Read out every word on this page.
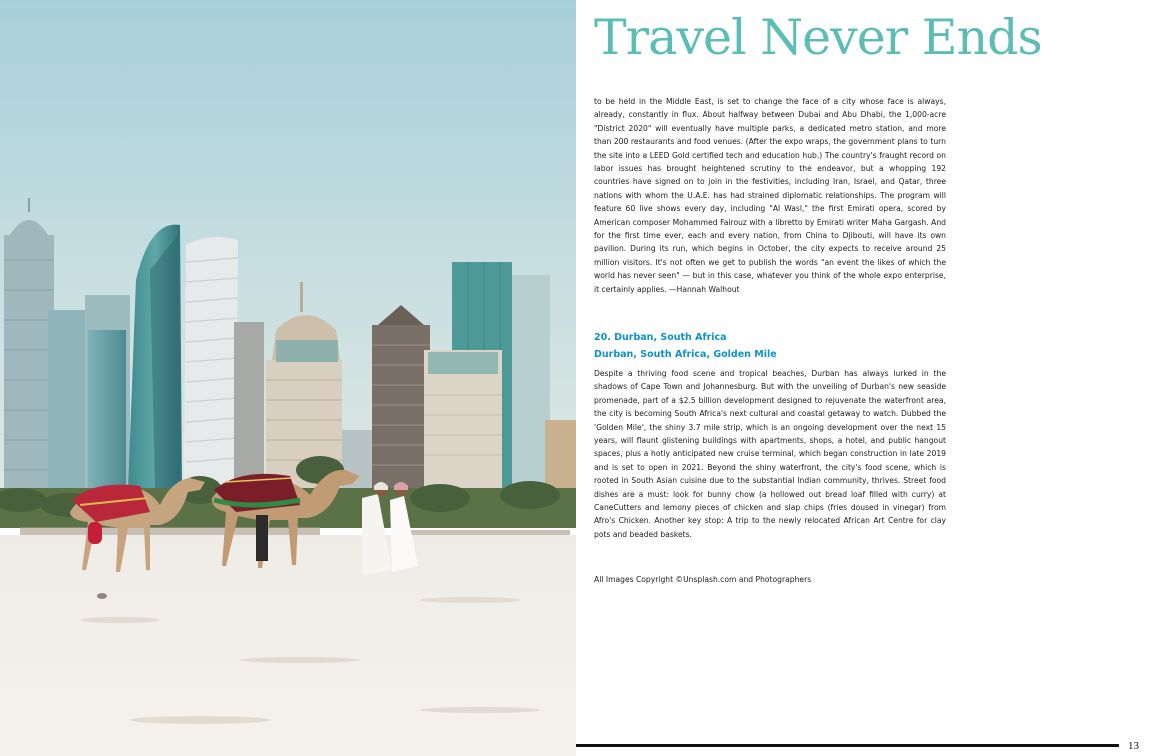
Travel Never Ends

to be held in the Middle East, is set to change the face of a city whose face is always, already, constantly in flux. About halfway between Dubai and Abu Dhabi, the 1,000-acre "District 2020" will eventually have multiple parks, a dedicated metro station, and more than 200 restaurants and food venues. (After the expo wraps, the government plans to turn the site into a LEED Gold certified tech and education hub.) The country's fraught record on labor issues has brought heightened scrutiny to the endeavor, but a whopping 192 countries have signed on to join in the festivities, including Iran, Israel, and Qatar, three nations with whom the U.A.E. has had strained diplomatic relationships. The program will feature 60 live shows every day, including "Al Wasl," the first Emirati opera, scored by American composer Mohammed Fairouz with a libretto by Emirati writer Maha Gargash. And for the first time ever, each and every nation, from China to Djibouti, will have its own pavilion. During its run, which begins in October, the city expects to receive around 25 million visitors. It's not often we get to publish the words "an event the likes of which the world has never seen" — but in this case, whatever you think of the whole expo enterprise, it certainly applies. —Hannah Walhout

20. Durban, South Africa
Durban, South Africa, Golden Mile

Despite a thriving food scene and tropical beaches, Durban has always lurked in the shadows of Cape Town and Johannesburg. But with the unveiling of Durban's new seaside promenade, part of a $2.5 billion development designed to rejuvenate the waterfront area, the city is becoming South Africa's next cultural and coastal getaway to watch. Dubbed the 'Golden Mile', the shiny 3.7 mile strip, which is an ongoing development over the next 15 years, will flaunt glistening buildings with apartments, shops, a hotel, and public hangout spaces, plus a hotly anticipated new cruise terminal, which began construction in late 2019 and is set to open in 2021. Beyond the shiny waterfront, the city's food scene, which is rooted in South Asian cuisine due to the substantial Indian community, thrives. Street food dishes are a must: look for bunny chow (a hollowed out bread loaf filled with curry) at CaneCutters and lemony pieces of chicken and slap chips (fries doused in vinegar) from Afro's Chicken. Another key stop: A trip to the newly relocated African Art Centre for clay pots and beaded baskets.

All Images Copyright ©Unsplash.com and Photographers

13
